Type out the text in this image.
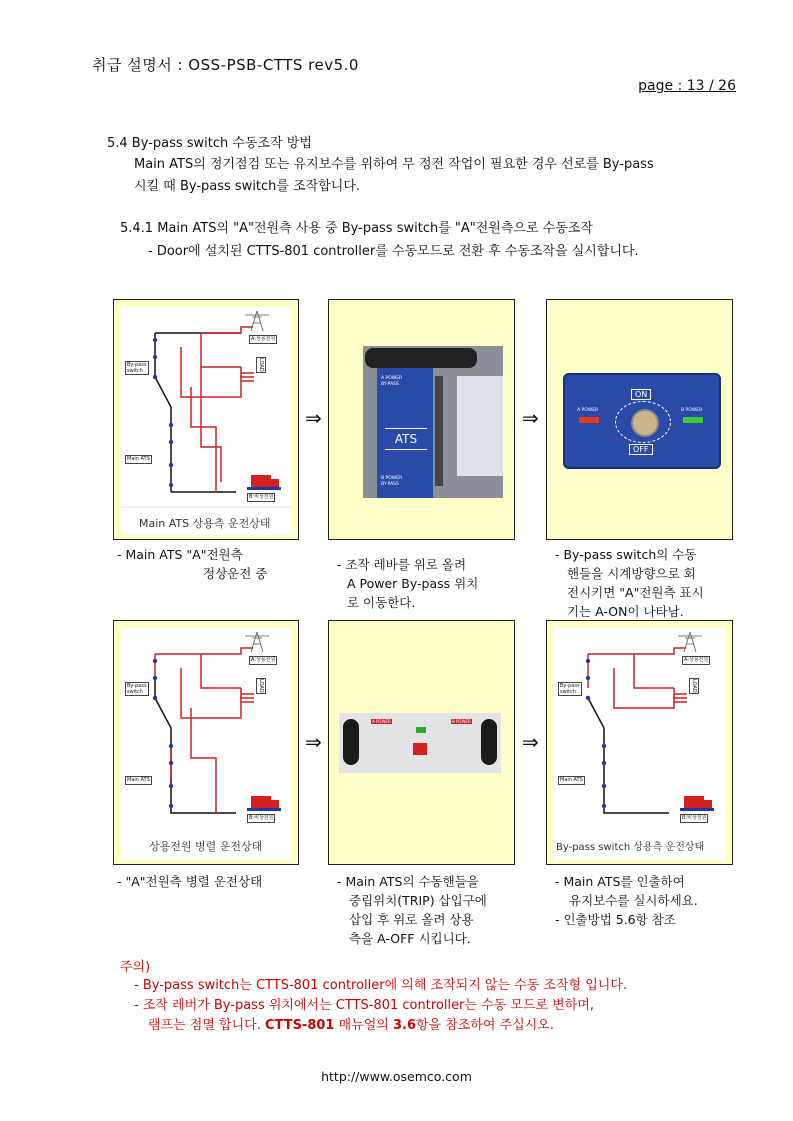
취급 설명서 : OSS-PSB-CTTS rev5.0
page : 13 / 26
5.4 By-pass switch 수동조작 방법
Main ATS의 정기점검 또는 유지보수를 위하여 무 정전 작업이 필요한 경우 선로를 By-pass
시킬 때 By-pass switch를 조작합니다.
5.4.1 Main ATS의 "A"전원측 사용 중 By-pass switch를 "A"전원측으로 수동조작
- Door에 설치된 CTTS-801 controller를 수동모드로 전환 후 수동조작을 실시합니다.
A:상용전원
LOAD
By-pass
switch
Main ATS
B:비상전원
Main ATS 상용측 운전상태
⇒
A POWER
BY-PASS
ATS
B POWER
BY-PASS
⇒
ON
OFF
A POWER	B POWER
- Main ATS "A"전원측
정상운전 중
- 조작 레바를 위로 올려
A Power By-pass 위치
로 이동한다.
- By-pass switch의 수동
핸들을 시계방향으로 회
전시키면 "A"전원측 표시
기는 A-ON이 나타남.
A:상용전원
LOAD
By-pass
switch
Main ATS
B:비상전원
상용전원 병렬 운전상태
⇒
A POWER	B POWER
⇒
A:상용전원
LOAD
By-pass
switch
Main ATS
B:비상전원
By-pass switch 상용측 운전상태
- "A"전원측 병렬 운전상태	- Main ATS의 수동핸들을
중립위치(TRIP) 삽입구에
삽입 후 위로 올려 상용
측을 A-OFF 시킵니다.
- Main ATS를 인출하여
유지보수를 실시하세요.
- 인출방법 5.6항 참조
주의)
- By-pass switch는 CTTS-801 controller에 의해 조작되지 않는 수동 조작형 입니다.
- 조작 레버가 By-pass 위치에서는 CTTS-801 controller는 수동 모드로 변하며,
램프는 점멸 합니다. CTTS-801 매뉴얼의 3.6항을 참조하여 주십시오.
http://www.osemco.com
